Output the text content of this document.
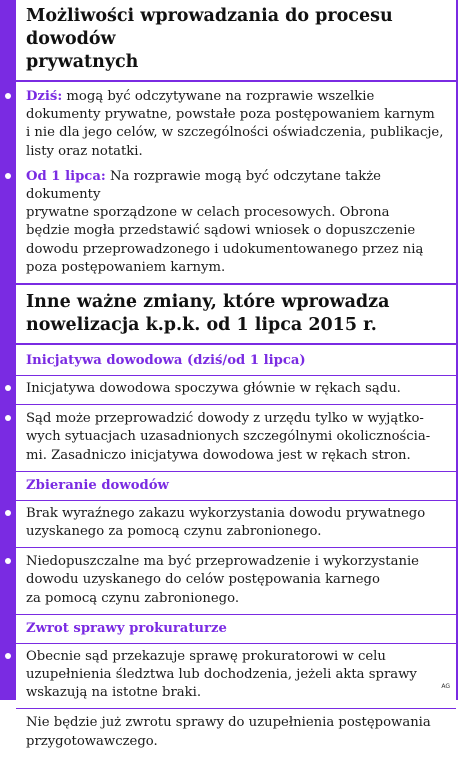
Możliwości wprowadzania do procesu dowodów
prywatnych
Dziś: mogą być odczytywane na rozprawie wszelkie
dokumenty prywatne, powstałe poza postępowaniem karnym
i nie dla jego celów, w szczególności oświadczenia, publikacje,
listy oraz notatki.
Od 1 lipca: Na rozprawie mogą być odczytane także dokumenty
prywatne sporządzone w celach procesowych. Obrona
będzie mogła przedstawić sądowi wniosek o dopuszczenie
dowodu przeprowadzonego i udokumentowanego przez nią
poza postępowaniem karnym.
Inne ważne zmiany, które wprowadza
nowelizacja k.p.k. od 1 lipca 2015 r.
Inicjatywa dowodowa (dziś/od 1 lipca)
Inicjatywa dowodowa spoczywa głównie w rękach sądu.
Sąd może przeprowadzić dowody z urzędu tylko w wyjątko-
wych sytuacjach uzasadnionych szczególnymi okolicznościa-
mi. Zasadniczo inicjatywa dowodowa jest w rękach stron.
Zbieranie dowodów
Brak wyraźnego zakazu wykorzystania dowodu prywatnego
uzyskanego za pomocą czynu zabronionego.
Niedopuszczalne ma być przeprowadzenie i wykorzystanie
dowodu uzyskanego do celów postępowania karnego
za pomocą czynu zabronionego.
Zwrot sprawy prokuraturze
Obecnie sąd przekazuje sprawę prokuratorowi w celu
uzupełnienia śledztwa lub dochodzenia, jeżeli akta sprawy
wskazują na istotne braki.
Nie będzie już zwrotu sprawy do uzupełnienia postępowania
przygotowawczego.
AG
